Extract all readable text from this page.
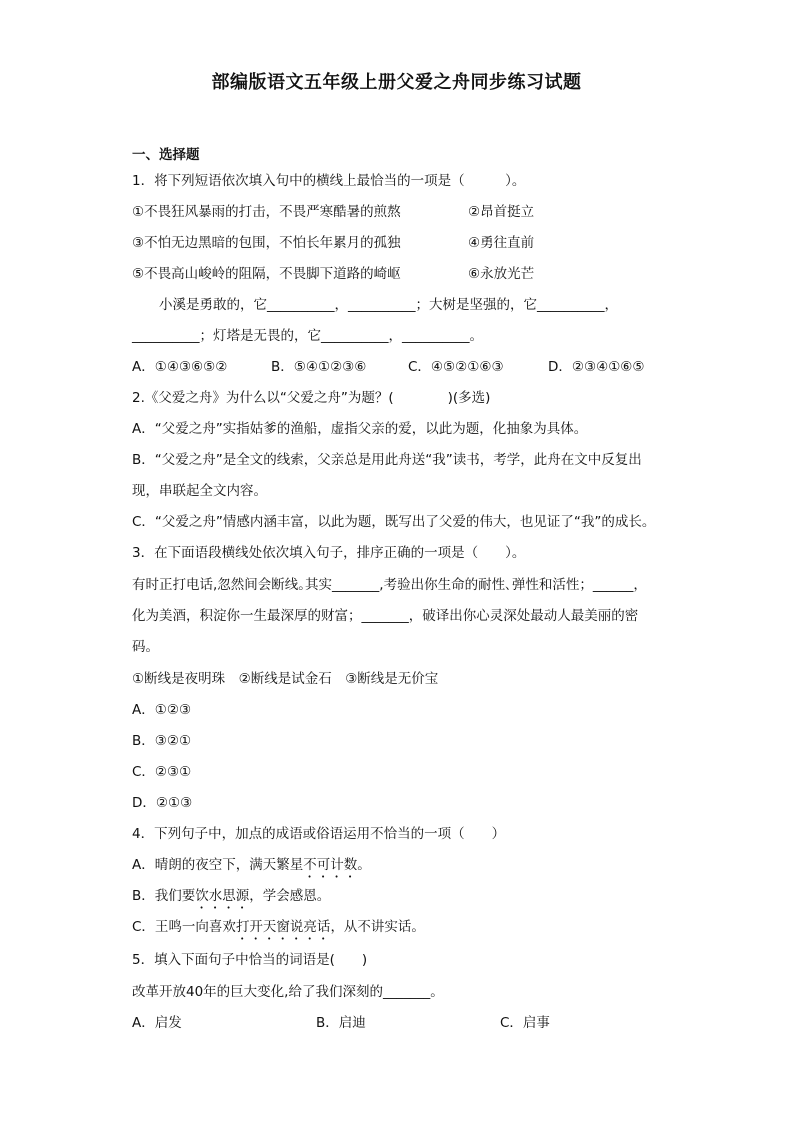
部编版语文五年级上册父爱之舟同步练习试题
一、选择题
1．将下列短语依次填入句中的横线上最恰当的一项是（　　　）。
①不畏狂风暴雨的打击，不畏严寒酷暑的煎熬	②昂首挺立
③不怕无边黑暗的包围，不怕长年累月的孤独	④勇往直前
⑤不畏高山峻岭的阻隔，不畏脚下道路的崎岖	⑥永放光芒
小溪是勇敢的，它__________，__________；大树是坚强的，它__________，
__________；灯塔是无畏的，它__________，__________。
A．①④③⑥⑤②	B．⑤④①②③⑥	C．④⑤②①⑥③	D．②③④①⑥⑤
2.《父爱之舟》为什么以“父爱之舟”为题？(　　　　)(多选)
A．“父爱之舟”实指姑爹的渔船，虚指父亲的爱，以此为题，化抽象为具体。
B．“父爱之舟”是全文的线索，父亲总是用此舟送“我”读书，考学，此舟在文中反复出
现，串联起全文内容。
C．“父爱之舟”情感内涵丰富，以此为题，既写出了父爱的伟大，也见证了“我”的成长。
3．在下面语段横线处依次填入句子，排序正确的一项是（　　）。
有时正打电话,忽然间会断线｡其实_______,考验出你生命的耐性､弹性和活性；______，
化为美酒，积淀你一生最深厚的财富；_______，破译出你心灵深处最动人最美丽的密
码。
①断线是夜明珠　②断线是试金石　③断线是无价宝
A．①②③
B．③②①
C．②③①
D．②①③
4．下列句子中，加点的成语或俗语运用不恰当的一项（　　）
A．晴朗的夜空下，满天繁星不可计数。
B．我们要饮水思源，学会感恩。
C．王鸣一向喜欢打开天窗说亮话，从不讲实话。
5．填入下面句子中恰当的词语是(　　)
改革开放40年的巨大变化,给了我们深刻的_______。
A．启发	B．启迪	C．启事
